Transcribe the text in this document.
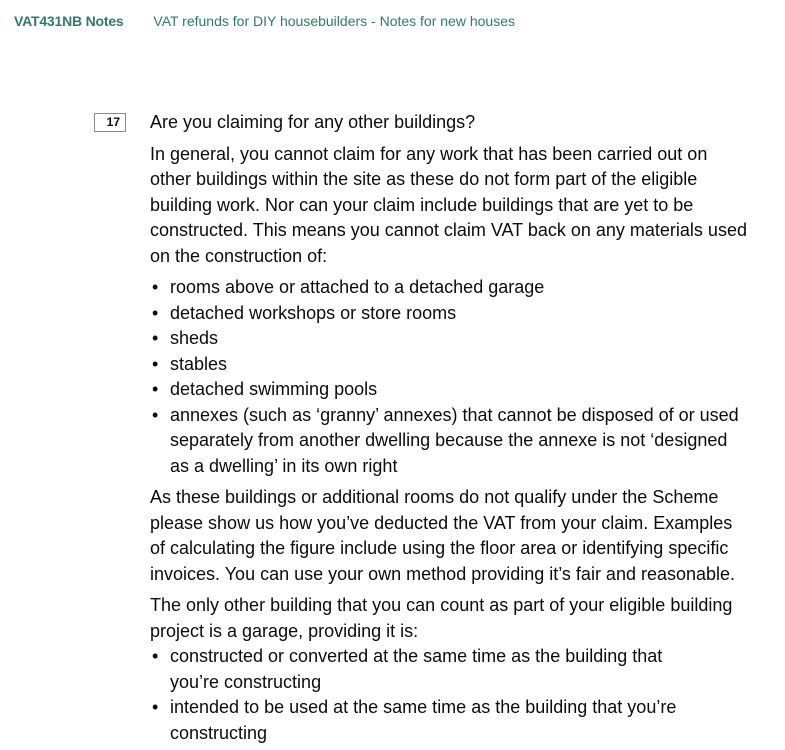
VAT431NB Notes VAT refunds for DIY housebuilders - Notes for new houses
17	Are you claiming for any other buildings?

In general, you cannot claim for any work that has been carried out on other buildings within the site as these do not form part of the eligible building work. Nor can your claim include buildings that are yet to be constructed. This means you cannot claim VAT back on any materials used on the construction of:

• rooms above or attached to a detached garage
• detached workshops or store rooms
• sheds
• stables
• detached swimming pools
• annexes (such as ‘granny’ annexes) that cannot be disposed of or used separately from another dwelling because the annexe is not ‘designed as a dwelling’ in its own right

As these buildings or additional rooms do not qualify under the Scheme please show us how you’ve deducted the VAT from your claim. Examples of calculating the figure include using the floor area or identifying specific invoices. You can use your own method providing it’s fair and reasonable.

The only other building that you can count as part of your eligible building project is a garage, providing it is:

• constructed or converted at the same time as the building that you’re constructing
• intended to be used at the same time as the building that you’re constructing
